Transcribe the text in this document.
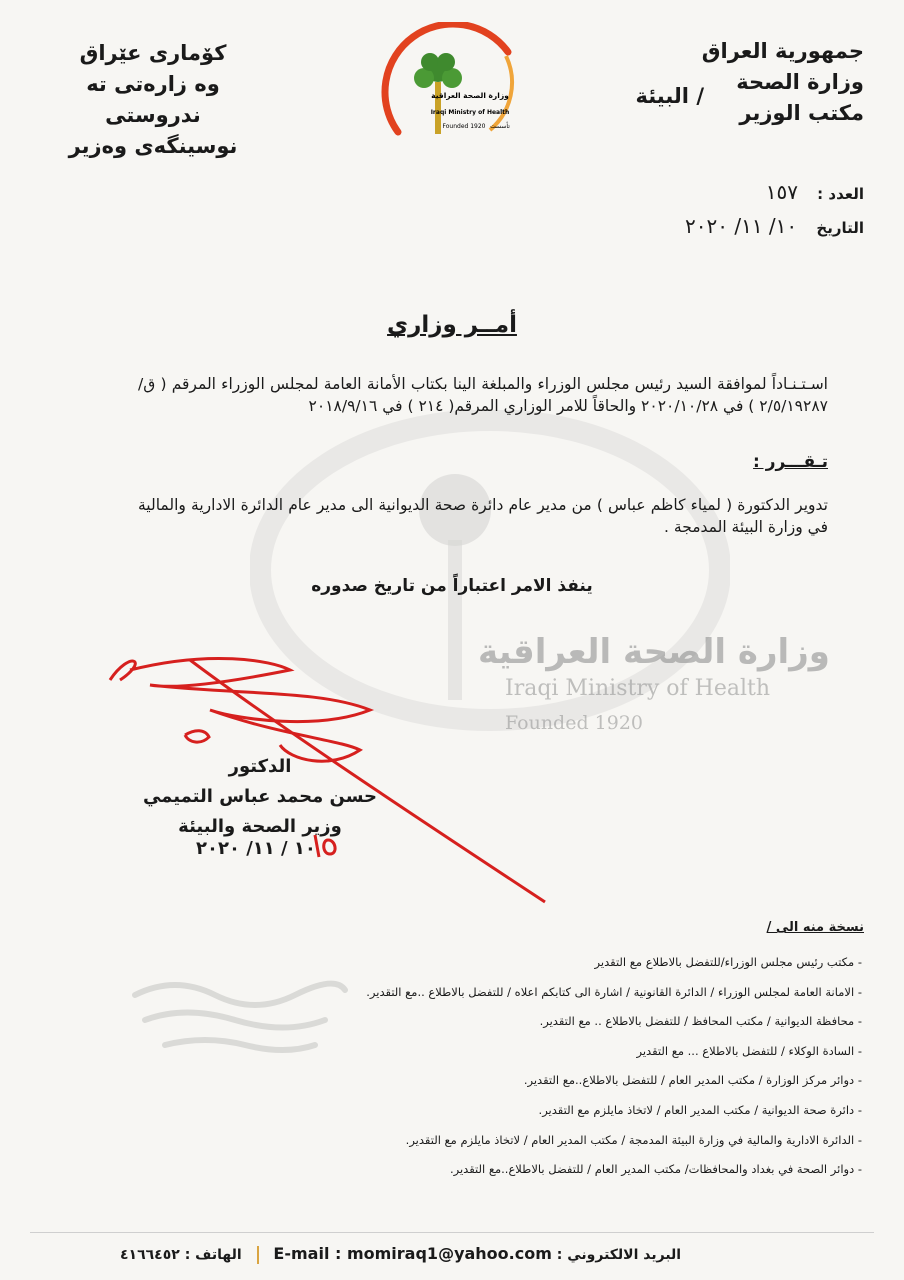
جمهورية العراق
وزارة الصحة
مكتب الوزير
/ البيئة
كۆماری عێراق
وه زارەتی ته ندروستی
نوسینگەی وەزیر
وزارة الصحة العراقية
Iraqi Ministry of Health
Founded 1920 تأسست
العدد : ١٥٧
التاريخ ١٠/ ١١/ ٢٠٢٠
وزارة الصحة العراقية
Iraqi Ministry of Health
Founded 1920
أمــر وزاري
اسـتـنـاداً لموافقة السيد رئيس مجلس الوزراء والمبلغة الينا بكتاب الأمانة العامة لمجلس الوزراء المرقم ( ق/٢/٥/١٩٢٨٧ ) في ٢٠٢٠/١٠/٢٨ والحاقاً للامر الوزاري المرقم( ٢١٤ ) في ٢٠١٨/٩/١٦
تـقـــرر :
تدوير الدكتورة ( لمياء كاظم عباس ) من مدير عام دائرة صحة الديوانية الى مدير عام الدائرة الادارية والمالية في وزارة البيئة المدمجة .
ينفذ الامر اعتباراً من تاريخ صدوره
الدكتور
حسن محمد عباس التميمي
وزير الصحة والبيئة
١٠ / ١١/ ٢٠٢٠
نسخة منه الى /
- مكتب رئيس مجلس الوزراء/للتفضل بالاطلاع مع التقدير
- الامانة العامة لمجلس الوزراء / الدائرة القانونية / اشارة الى كتابكم اعلاه / للتفضل بالاطلاع ..مع التقدير.
- محافظة الديوانية / مكتب المحافظ / للتفضل بالاطلاع .. مع التقدير.
- السادة الوكلاء / للتفضل بالاطلاع ... مع التقدير
- دوائر مركز الوزارة / مكتب المدير العام / للتفضل بالاطلاع..مع التقدير.
- دائرة صحة الديوانية / مكتب المدير العام / لاتخاذ مايلزم مع التقدير.
- الدائرة الادارية والمالية في وزارة البيئة المدمجة / مكتب المدير العام / لاتخاذ مايلزم مع التقدير.
- دوائر الصحة في بغداد والمحافظات/ مكتب المدير العام / للتفضل بالاطلاع..مع التقدير.
البريد الالكتروني : E-mail : momiraq1@yahoo.com  الهاتف : ٤١٦٦٤٥٢
